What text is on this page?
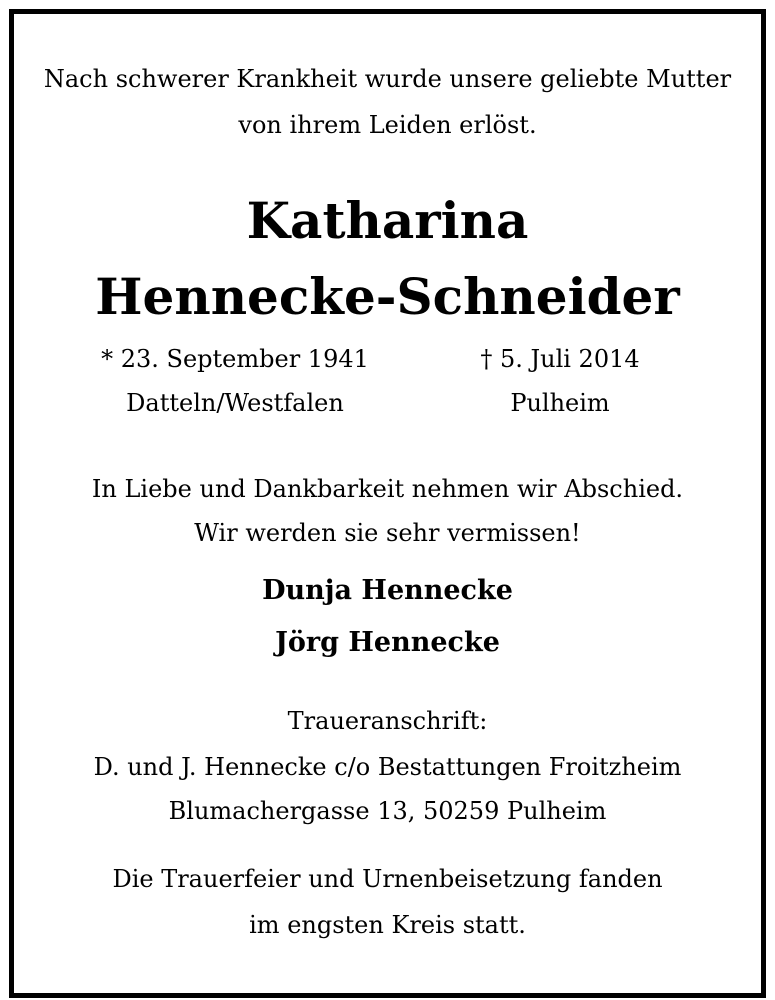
Nach schwerer Krankheit wurde unsere geliebte Mutter
von ihrem Leiden erlöst.
Katharina
Hennecke-Schneider
* 23. September 1941
Datteln/Westfalen
† 5. Juli 2014
Pulheim
In Liebe und Dankbarkeit nehmen wir Abschied.
Wir werden sie sehr vermissen!
Dunja Hennecke
Jörg Hennecke
Traueranschrift:
D. und J. Hennecke c/o Bestattungen Froitzheim
Blumachergasse 13, 50259 Pulheim
Die Trauerfeier und Urnenbeisetzung fanden
im engsten Kreis statt.
